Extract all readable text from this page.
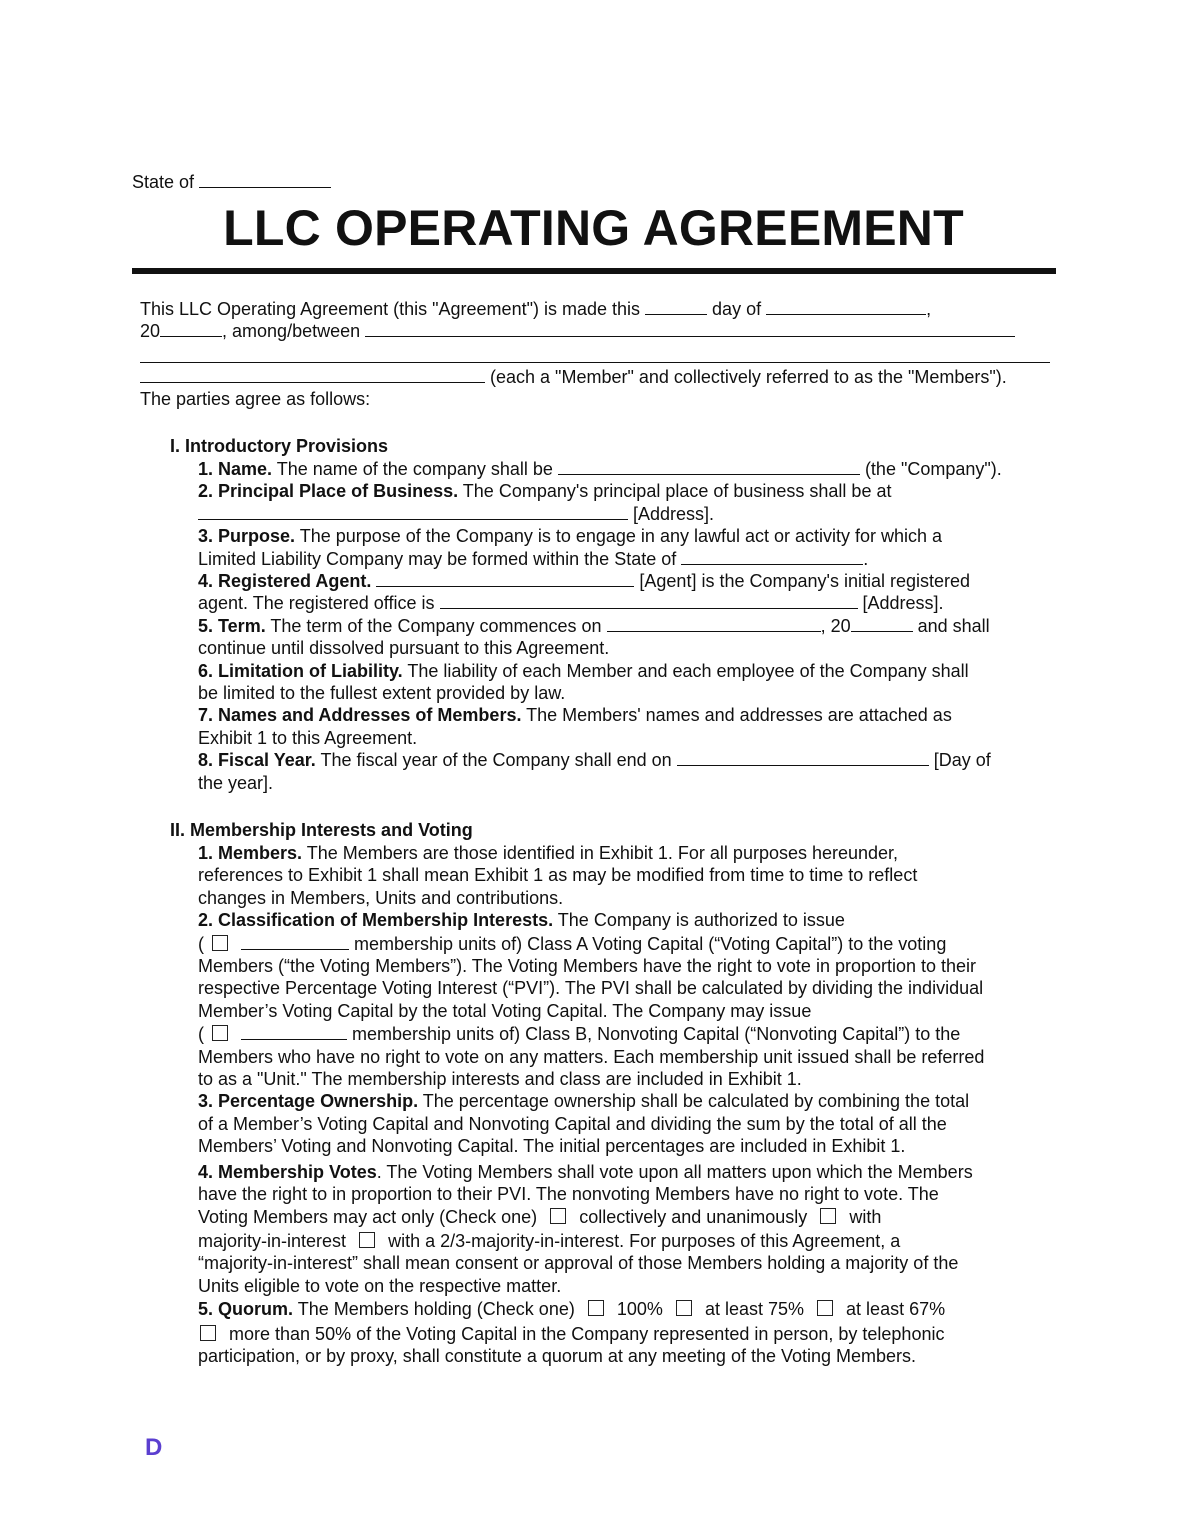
State of
LLC OPERATING AGREEMENT
This LLC Operating Agreement (this "Agreement") is made this	day of	,
20	, among/between
(each a "Member" and collectively referred to as the "Members").
The parties agree as follows:
I. Introductory Provisions
1. Name. The name of the company shall be	(the "Company").
2. Principal Place of Business. The Company's principal place of business shall be at
[Address].
3. Purpose. The purpose of the Company is to engage in any lawful act or activity for which a
Limited Liability Company may be formed within the State of	.
4. Registered Agent.	[Agent] is the Company's initial registered
agent. The registered office is	[Address].
5. Term. The term of the Company commences on	, 20	and shall
continue until dissolved pursuant to this Agreement.
6. Limitation of Liability. The liability of each Member and each employee of the Company shall
be limited to the fullest extent provided by law.
7. Names and Addresses of Members. The Members' names and addresses are attached as
Exhibit 1 to this Agreement.
8. Fiscal Year. The fiscal year of the Company shall end on	[Day of
the year].
II. Membership Interests and Voting
1. Members. The Members are those identified in Exhibit 1. For all purposes hereunder,
references to Exhibit 1 shall mean Exhibit 1 as may be modified from time to time to reflect
changes in Members, Units and contributions.
2. Classification of Membership Interests. The Company is authorized to issue
(	membership units of) Class A Voting Capital (“Voting Capital”) to the voting
Members (“the Voting Members”). The Voting Members have the right to vote in proportion to their
respective Percentage Voting Interest (“PVI”). The PVI shall be calculated by dividing the individual
Member’s Voting Capital by the total Voting Capital. The Company may issue
(	membership units of) Class B, Nonvoting Capital (“Nonvoting Capital”) to the
Members who have no right to vote on any matters. Each membership unit issued shall be referred
to as a "Unit." The membership interests and class are included in Exhibit 1.
3. Percentage Ownership. The percentage ownership shall be calculated by combining the total
of a Member’s Voting Capital and Nonvoting Capital and dividing the sum by the total of all the
Members’ Voting and Nonvoting Capital. The initial percentages are included in Exhibit 1.
4. Membership Votes. The Voting Members shall vote upon all matters upon which the Members
have the right to in proportion to their PVI. The nonvoting Members have no right to vote. The
Voting Members may act only (Check one) collectively and unanimously with
majority-in-interest with a 2/3-majority-in-interest. For purposes of this Agreement, a
“majority-in-interest” shall mean consent or approval of those Members holding a majority of the
Units eligible to vote on the respective matter.
5. Quorum. The Members holding (Check one) 100% at least 75% at least 67%
more than 50% of the Voting Capital in the Company represented in person, by telephonic
participation, or by proxy, shall constitute a quorum at any meeting of the Voting Members.
D
